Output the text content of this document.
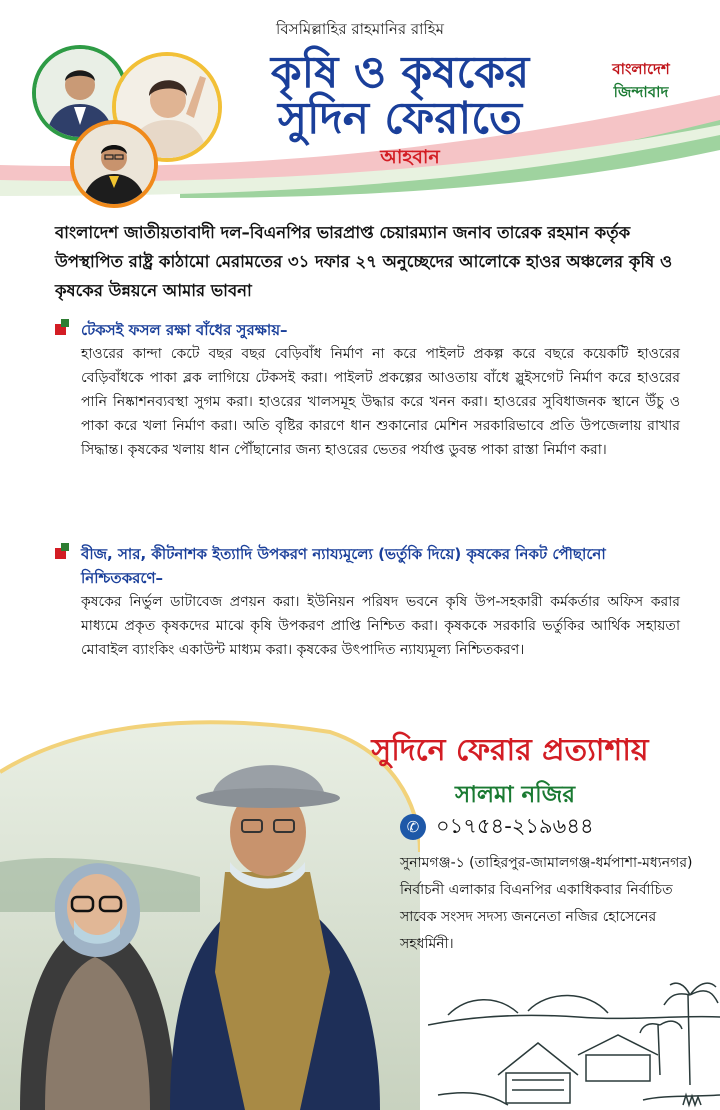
বিসমিল্লাহির রাহমানির রাহিম
কৃষি ও কৃষকের
সুদিন ফেরাতে
আহবান
বাংলাদেশ
জিন্দাবাদ
বাংলাদেশ জাতীয়তাবাদী দল–বিএনপির ভারপ্রাপ্ত চেয়ারম্যান জনাব তারেক রহমান কর্তৃক উপস্থাপিত রাষ্ট্র কাঠামো মেরামতের ৩১ দফার ২৭ অনুচ্ছেদের আলোকে হাওর অঞ্চলের কৃষি ও কৃষকের উন্নয়নে আমার ভাবনা
টেকসই ফসল রক্ষা বাঁধের সুরক্ষায়–
হাওরের কান্দা কেটে বছর বছর বেড়িবাঁধ নির্মাণ না করে পাইলট প্রকল্প করে বছরে কয়েকটি হাওরের বেড়িবাঁধকে পাকা ব্লক লাগিয়ে টেকসই করা। পাইলট প্রকল্পের আওতায় বাঁধে স্লুইসগেট নির্মাণ করে হাওরের পানি নিষ্কাশনব্যবস্থা সুগম করা। হাওরের খালসমূহ উদ্ধার করে খনন করা। হাওরের সুবিধাজনক স্থানে উঁচু ও পাকা করে খলা নির্মাণ করা। অতি বৃষ্টির কারণে ধান শুকানোর মেশিন সরকারিভাবে প্রতি উপজেলায় রাখার সিদ্ধান্ত। কৃষকের খলায় ধান পৌঁছানোর জন্য হাওরের ভেতর পর্যাপ্ত ডুবন্ত পাকা রাস্তা নির্মাণ করা।
বীজ, সার, কীটনাশক ইত্যাদি উপকরণ ন্যায্যমূল্যে (ভর্তুকি দিয়ে) কৃষকের নিকট পৌছানো নিশ্চিতকরণে–
কৃষকের নির্ভুল ডাটাবেজ প্রণয়ন করা। ইউনিয়ন পরিষদ ভবনে কৃষি উপ-সহকারী কর্মকর্তার অফিস করার মাধ্যমে প্রকৃত কৃষকদের মাঝে কৃষি উপকরণ প্রাপ্তি নিশ্চিত করা। কৃষককে সরকারি ভর্তুকির আর্থিক সহায়তা মোবাইল ব্যাংকিং একাউন্ট মাধ্যম করা। কৃষকের উৎপাদিত ন্যায্যমূল্য নিশ্চিতকরণ।
সুদিনে ফেরার প্রত্যাশায়
সালমা নজির
✆ ০১৭৫৪-২১৯৬৪৪
সুনামগঞ্জ-১ (তাহিরপুর-জামালগঞ্জ-ধর্মপাশা-মধ্যনগর) নির্বাচনী এলাকার বিএনপির একাধিকবার নির্বাচিত সাবেক সংসদ সদস্য জননেতা নজির হোসেনের সহধর্মিনী।
